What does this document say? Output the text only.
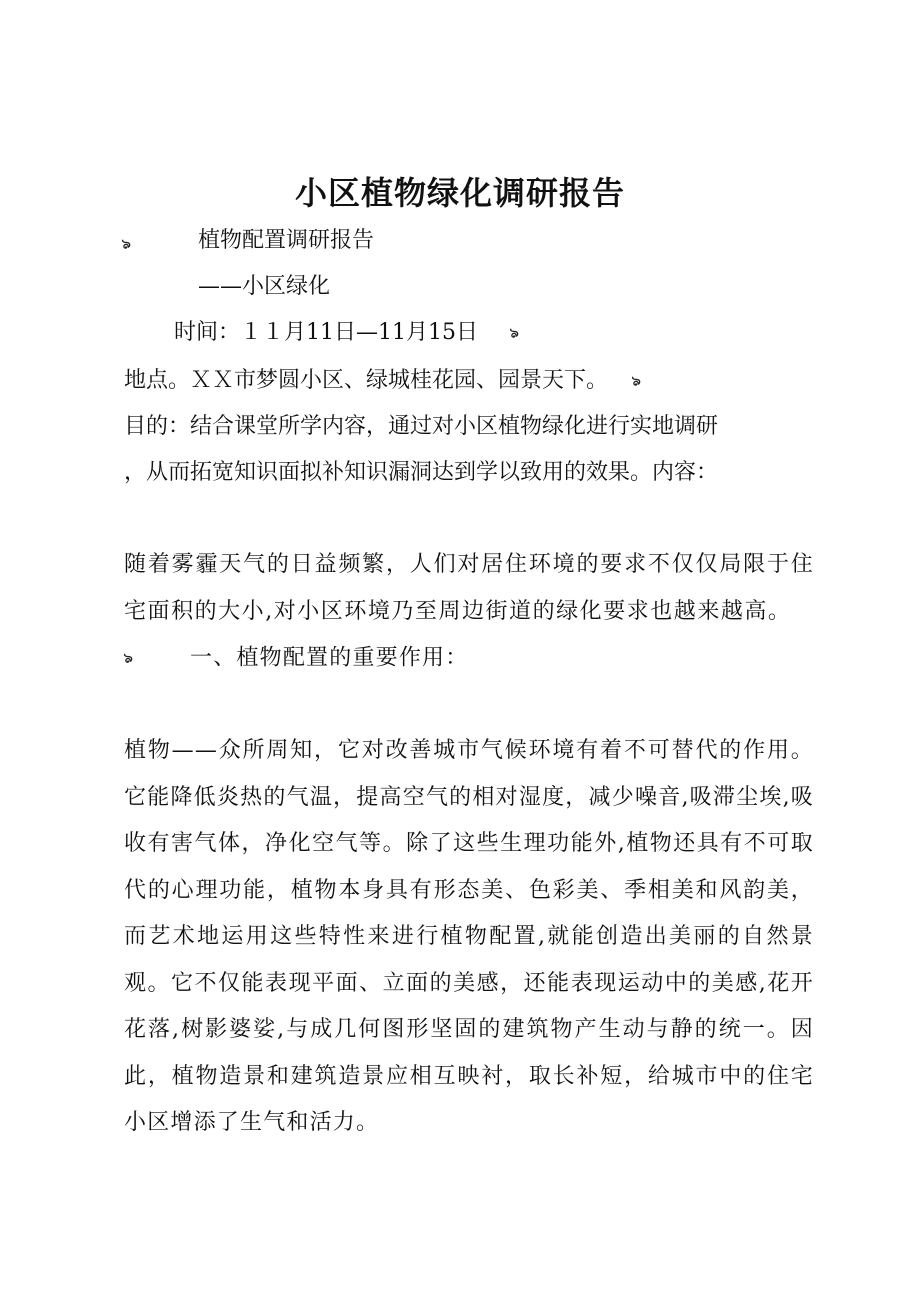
小区植物绿化调研报告
ঌ	植物配置调研报告
——小区绿化
时间：１１月11日—11月15日 ঌ
地点。ＸＸ市梦圆小区、绿城桂花园、园景天下。 ঌ
目的：结合课堂所学内容，通过对小区植物绿化进行实地调研
，从而拓宽知识面拟补知识漏洞达到学以致用的效果。内容：
随着雾霾天气的日益频繁，人们对居住环境的要求不仅仅局限于住宅面积的大小,对小区环境乃至周边街道的绿化要求也越来越高。  ঌ 一、植物配置的重要作用：
植物——众所周知，它对改善城市气候环境有着不可替代的作用。它能降低炎热的气温，提高空气的相对湿度，减少噪音,吸滞尘埃,吸收有害气体，净化空气等。除了这些生理功能外,植物还具有不可取代的心理功能，植物本身具有形态美、色彩美、季相美和风韵美，而艺术地运用这些特性来进行植物配置,就能创造出美丽的自然景观。它不仅能表现平面、立面的美感，还能表现运动中的美感,花开花落,树影婆娑,与成几何图形坚固的建筑物产生动与静的统一。因此，植物造景和建筑造景应相互映衬，取长补短，给城市中的住宅小区增添了生气和活力。
